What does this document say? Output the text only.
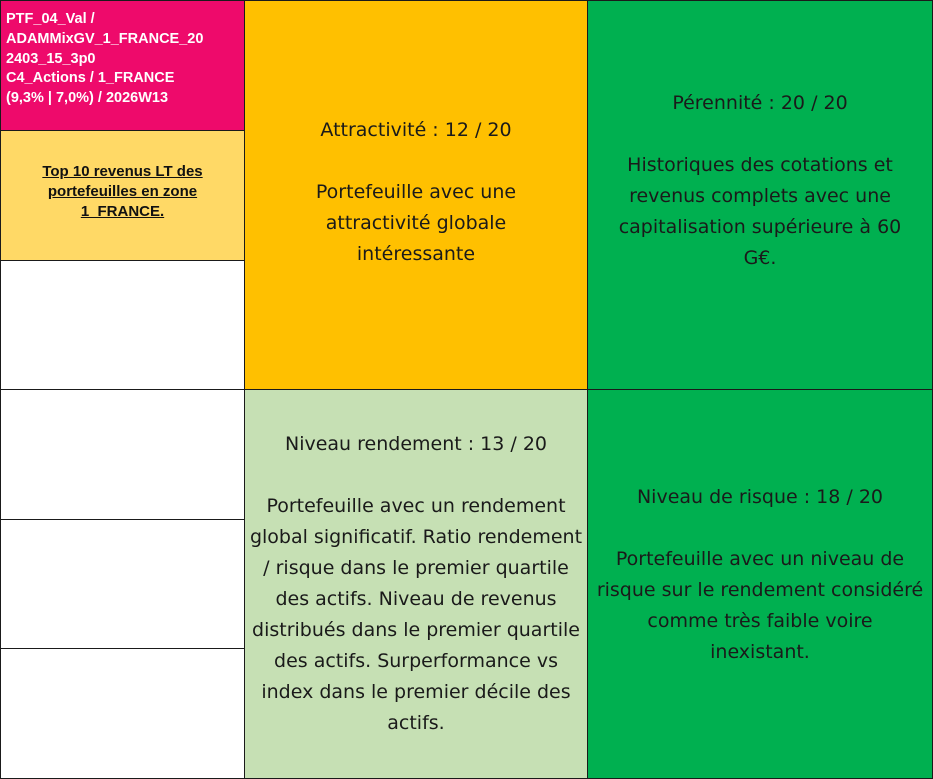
PTF_04_Val /
ADAMMixGV_1_FRANCE_20
2403_15_3p0
C4_Actions / 1_FRANCE
(9,3% | 7,0%) / 2026W13
Top 10 revenus LT des
portefeuilles en zone
1_FRANCE.
Attractivité : 12 / 20
Portefeuille avec une attractivité globale intéressante
Pérennité : 20 / 20
Historiques des cotations et revenus complets avec une capitalisation supérieure à 60 G€.
Niveau rendement : 13 / 20
Portefeuille avec un rendement global significatif. Ratio rendement / risque dans le premier quartile des actifs. Niveau de revenus distribués dans le premier quartile des actifs. Surperformance vs index dans le premier décile des actifs.
Niveau de risque : 18 / 20
Portefeuille avec un niveau de risque sur le rendement considéré comme très faible voire inexistant.
